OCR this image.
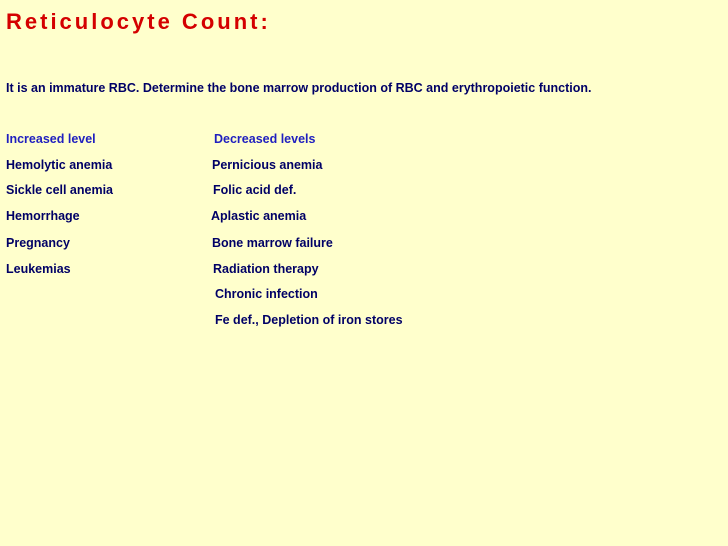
Reticulocyte Count:

It is an immature RBC. Determine the bone marrow production of RBC and erythropoietic function.

Increased level
Hemolytic anemia
Sickle cell anemia
Hemorrhage
Pregnancy
Leukemias
Decreased levels
Pernicious anemia
Folic acid def.
Aplastic anemia
Bone marrow failure
Radiation therapy
Chronic infection
Fe def., Depletion of iron stores
